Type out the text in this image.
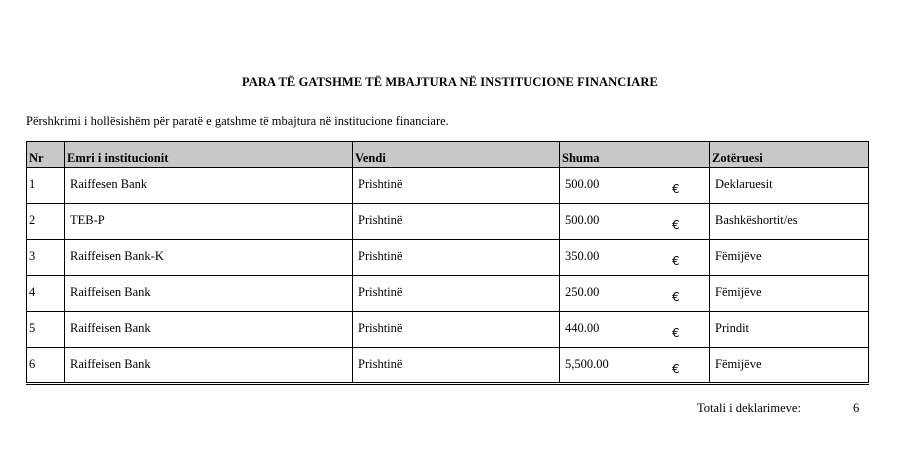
PARA TË GATSHME TË MBAJTURA NË INSTITUCIONE FINANCIARE
Përshkrimi i hollësishëm për paratë e gatshme të mbajtura në institucione financiare.
Nr	Emri i institucionit	Vendi	Shuma	Zotëruesi
1	Raiffesen Bank	Prishtinë	500.00 €	Deklaruesit
2	TEB-P	Prishtinë	500.00 €	Bashkëshortit/es
3	Raiffeisen Bank-K	Prishtinë	350.00 €	Fëmijëve
4	Raiffeisen Bank	Prishtinë	250.00 €	Fëmijëve
5	Raiffeisen Bank	Prishtinë	440.00 €	Prindit
6	Raiffeisen Bank	Prishtinë	5,500.00 €	Fëmijëve
Totali i deklarimeve:	6
